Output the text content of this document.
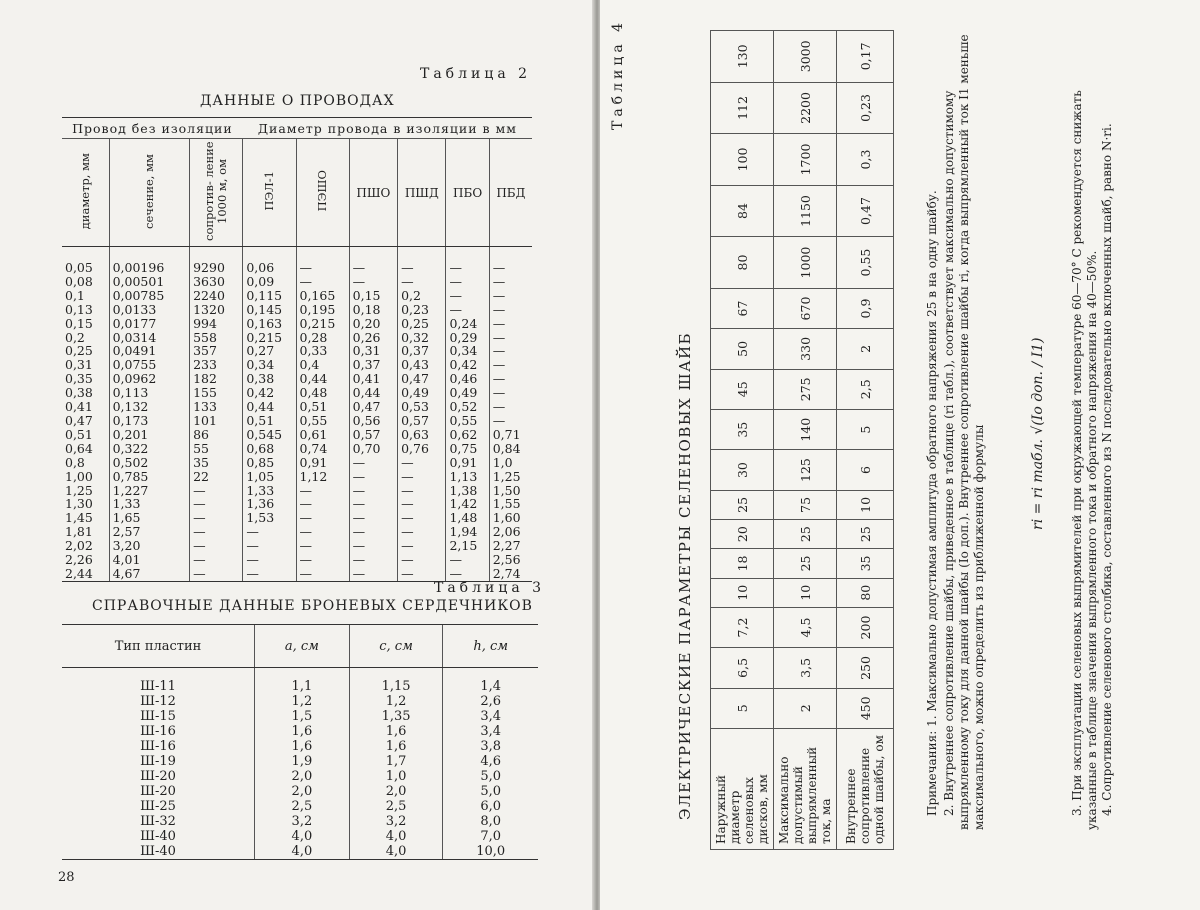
Таблица 2
ДАННЫЕ О ПРОВОДАХ
Провод без изоляции			Диаметр провода в изоляции в мм					
диаметр, мм	сечение, мм	сопротив- ление 1000 м, ом	ПЭЛ-1	ПЭШО	ПШО	ПШД	ПБО	ПБД
0,05	0,00196	9290	0,06	—	—	—	—	—
0,08	0,00501	3630	0,09	—	—	—	—	—
0,1	0,00785	2240	0,115	0,165	0,15	0,2	—	—
0,13	0,0133	1320	0,145	0,195	0,18	0,23	—	—
0,15	0,0177	994	0,163	0,215	0,20	0,25	0,24	—
0,2	0,0314	558	0,215	0,28	0,26	0,32	0,29	—
0,25	0,0491	357	0,27	0,33	0,31	0,37	0,34	—
0,31	0,0755	233	0,34	0,4	0,37	0,43	0,42	—
0,35	0,0962	182	0,38	0,44	0,41	0,47	0,46	—
0,38	0,113	155	0,42	0,48	0,44	0,49	0,49	—
0,41	0,132	133	0,44	0,51	0,47	0,53	0,52	—
0,47	0,173	101	0,51	0,55	0,56	0,57	0,55	—
0,51	0,201	86	0,545	0,61	0,57	0,63	0,62	0,71
0,64	0,322	55	0,68	0,74	0,70	0,76	0,75	0,84
0,8	0,502	35	0,85	0,91	—	—	0,91	1,0
1,00	0,785	22	1,05	1,12	—	—	1,13	1,25
1,25	1,227	—	1,33	—	—	—	1,38	1,50
1,30	1,33	—	1,36	—	—	—	1,42	1,55
1,45	1,65	—	1,53	—	—	—	1,48	1,60
1,81	2,57	—	—	—	—	—	1,94	2,06
2,02	3,20	—	—	—	—	—	2,15	2,27
2,26	4,01	—	—	—	—	—	—	2,56
2,44	4,67	—	—	—	—	—	—	2,74
Таблица 3
СПРАВОЧНЫЕ ДАННЫЕ БРОНЕВЫХ СЕРДЕЧНИКОВ
Тип пластин	a, см	c, см	h, см
Ш-11	1,1	1,15	1,4
Ш-12	1,2	1,2	2,6
Ш-15	1,5	1,35	3,4
Ш-16	1,6	1,6	3,4
Ш-16	1,6	1,6	3,8
Ш-19	1,9	1,7	4,6
Ш-20	2,0	1,0	5,0
Ш-20	2,0	2,0	5,0
Ш-25	2,5	2,5	6,0
Ш-32	3,2	3,2	8,0
Ш-40	4,0	4,0	7,0
Ш-40	4,0	4,0	10,0
28
Таблица 4
ЭЛЕКТРИЧЕСКИЕ ПАРАМЕТРЫ СЕЛЕНОВЫХ ШАЙБ Наружный диаметр селеновых дисков, мм	5	6,5	7,2	10	18	20	25	30	35	45	50	67	80	84	100	112	130
Максимально допустимый выпрямленный ток, ма	2	3,5	4,5	10	25	25	75	125	140	275	330	670	1000	1150	1700	2200	3000
Внутреннее сопротивление одной шайбы, ом	450	250	200	80	35	25	10	6	5	2,5	2	0,9	0,55	0,47	0,3	0,23	0,17

Примечания: 1. Максимально допустимая амплитуда обратного напряжения 25 в на одну шайбу. 2. Внутреннее сопротивление шайбы, приведенное в таблице (ri табл.), соответствует максимально допустимому выпрямленному току для данной шайбы (Io доп.). Внутреннее сопротивление шайбы ri, когда выпрямленный ток I1 меньше максимального, можно определить из приближенной формулы	ri = ri табл. √(Io доп. / I1) 3. При эксплуатации селеновых выпрямителей при окружающей температуре 60—70° С рекомендуется снижать указанные в таблице значения выпрямленного тока и обратного напряжения на 40—50%. 4. Сопротивление селенового столбика, составленного из N последовательно включенных шайб, равно N·ri.
